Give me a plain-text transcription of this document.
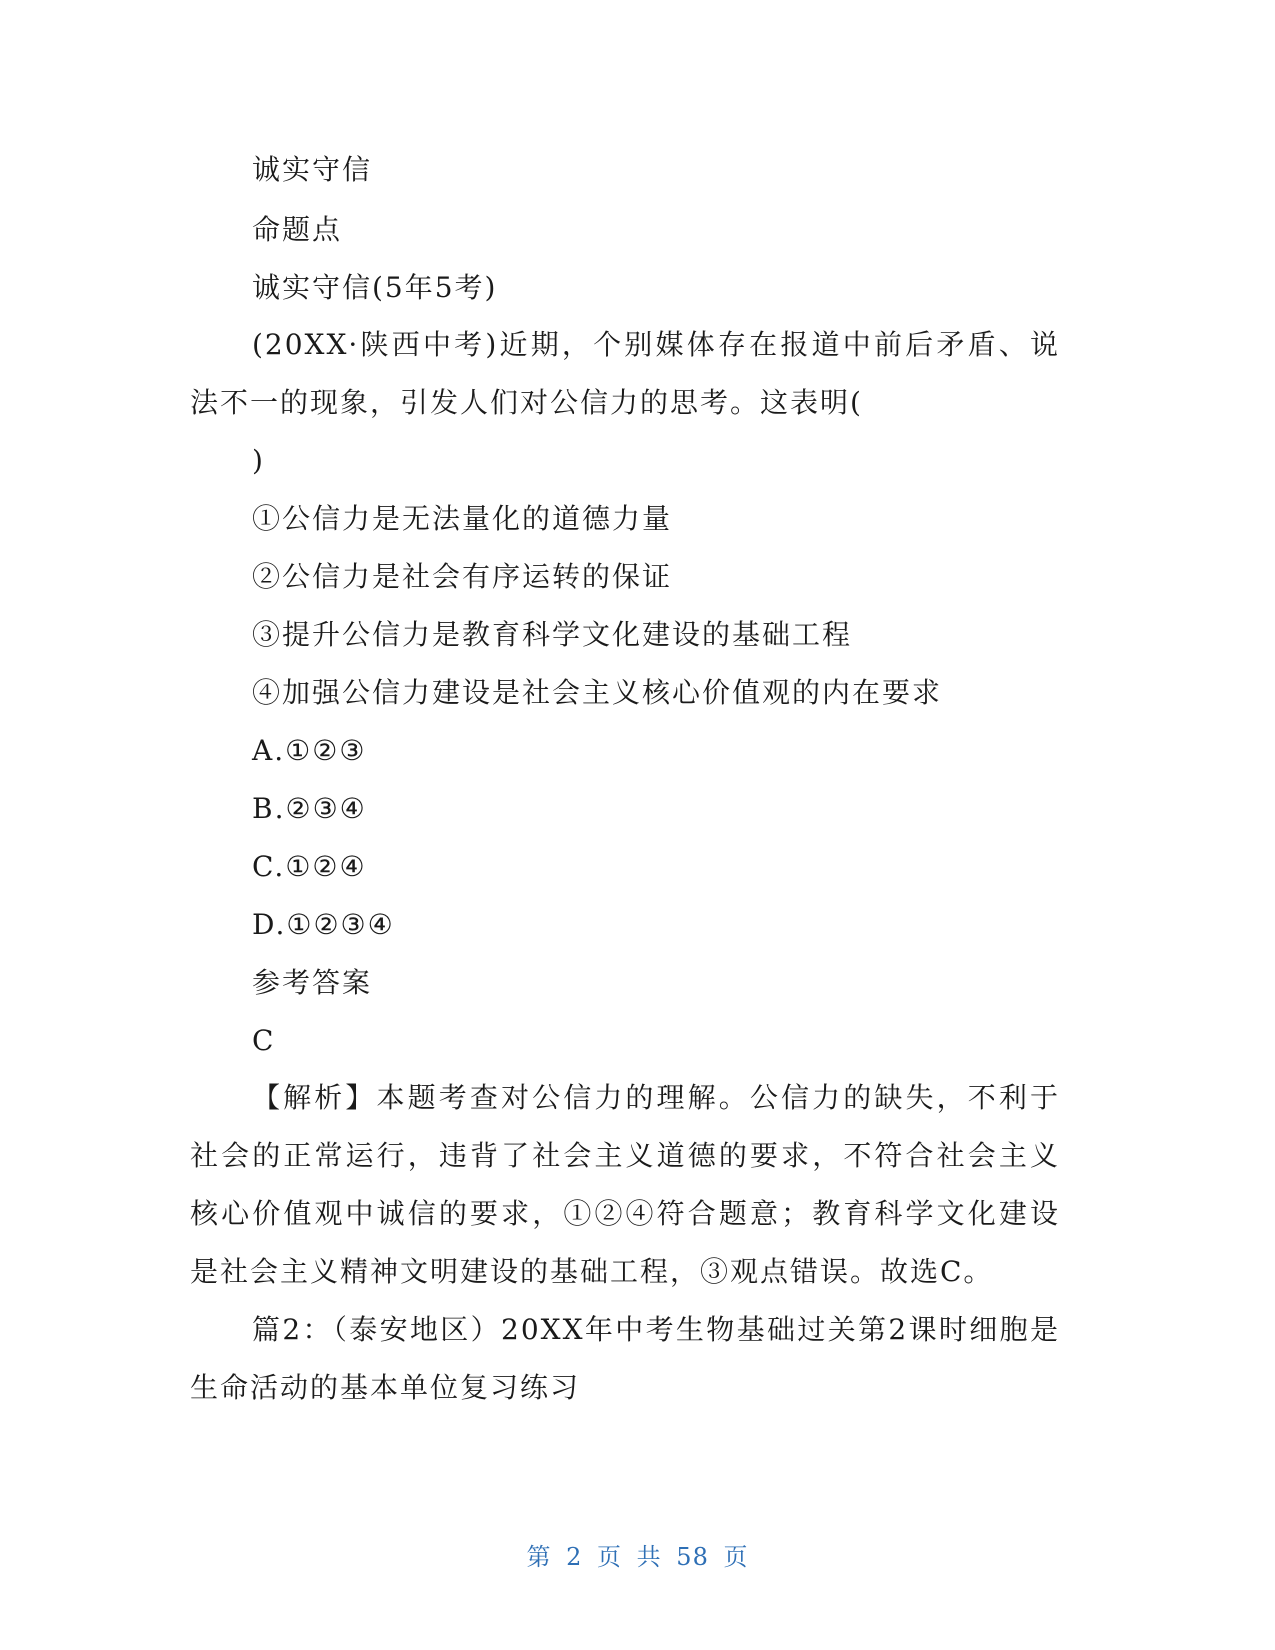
诚实守信
命题点
诚实守信(5年5考)
(20XX·陕西中考)近期，个别媒体存在报道中前后矛盾、说
法不一的现象，引发人们对公信力的思考。这表明(
)
①公信力是无法量化的道德力量
②公信力是社会有序运转的保证
③提升公信力是教育科学文化建设的基础工程
④加强公信力建设是社会主义核心价值观的内在要求
A.①②③
B.②③④
C.①②④
D.①②③④
参考答案
C
【解析】本题考查对公信力的理解。公信力的缺失，不利于
社会的正常运行，违背了社会主义道德的要求，不符合社会主义
核心价值观中诚信的要求，①②④符合题意；教育科学文化建设
是社会主义精神文明建设的基础工程，③观点错误。故选C。
篇2：（泰安地区）20XX年中考生物基础过关第2课时细胞是
生命活动的基本单位复习练习
第 2 页 共 58 页
